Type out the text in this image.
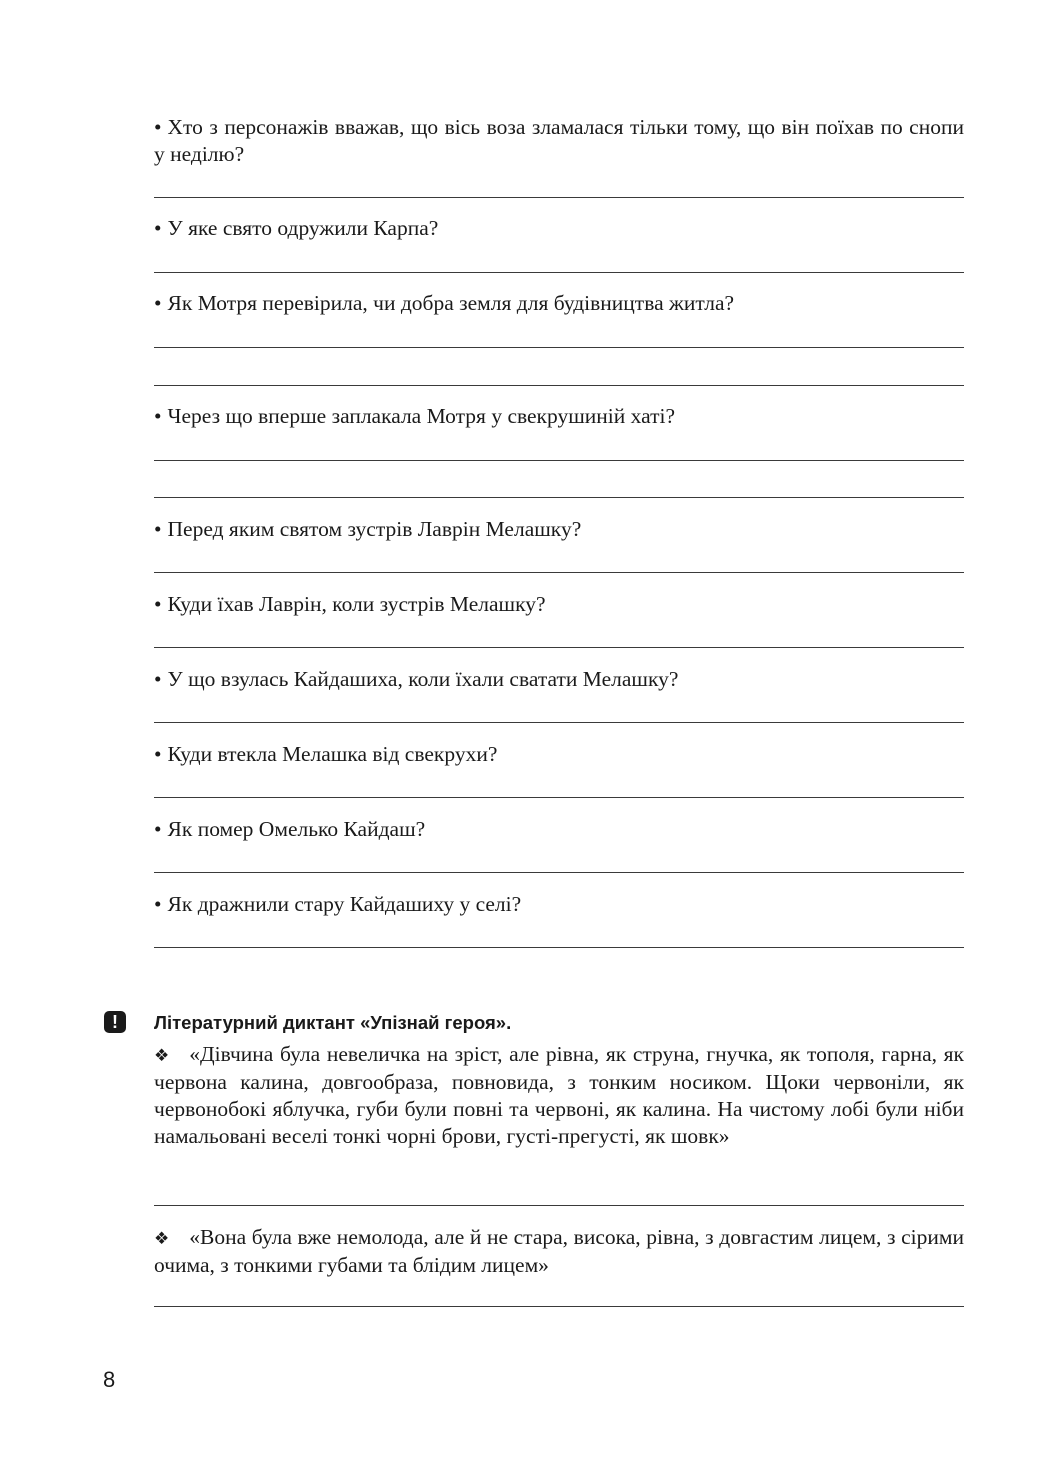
• Хто з персонажів вважав, що вісь воза зламалася тільки тому, що він поїхав по снопи у неділю?
• У яке свято одружили Карпа?
• Як Мотря перевірила, чи добра земля для будівництва житла?
• Через що вперше заплакала Мотря у свекрушиній хаті?
• Перед яким святом зустрів Лаврін Мелашку?
• Куди їхав Лаврін, коли зустрів Мелашку?
• У що взулась Кайдашиха, коли їхали сватати Мелашку?
• Куди втекла Мелашка від свекрухи?
• Як помер Омелько Кайдаш?
• Як дражнили стару Кайдашиху у селі?
!	Літературний диктант «Упізнай героя».
❖ «Дівчина була невеличка на зріст, але рівна, як струна, гнучка, як тополя, гарна, як червона калина, довгообраза, повновида, з тонким носиком. Щоки червоніли, як червонобокі яблучка, губи були повні та червоні, як калина. На чистому лобі були ніби намальовані веселі тонкі чорні брови, густі-прегусті, як шовк»
❖ «Вона була вже немолода, але й не стара, висока, рівна, з довгастим лицем, з сірими очима, з тонкими губами та блідим лицем»
8
